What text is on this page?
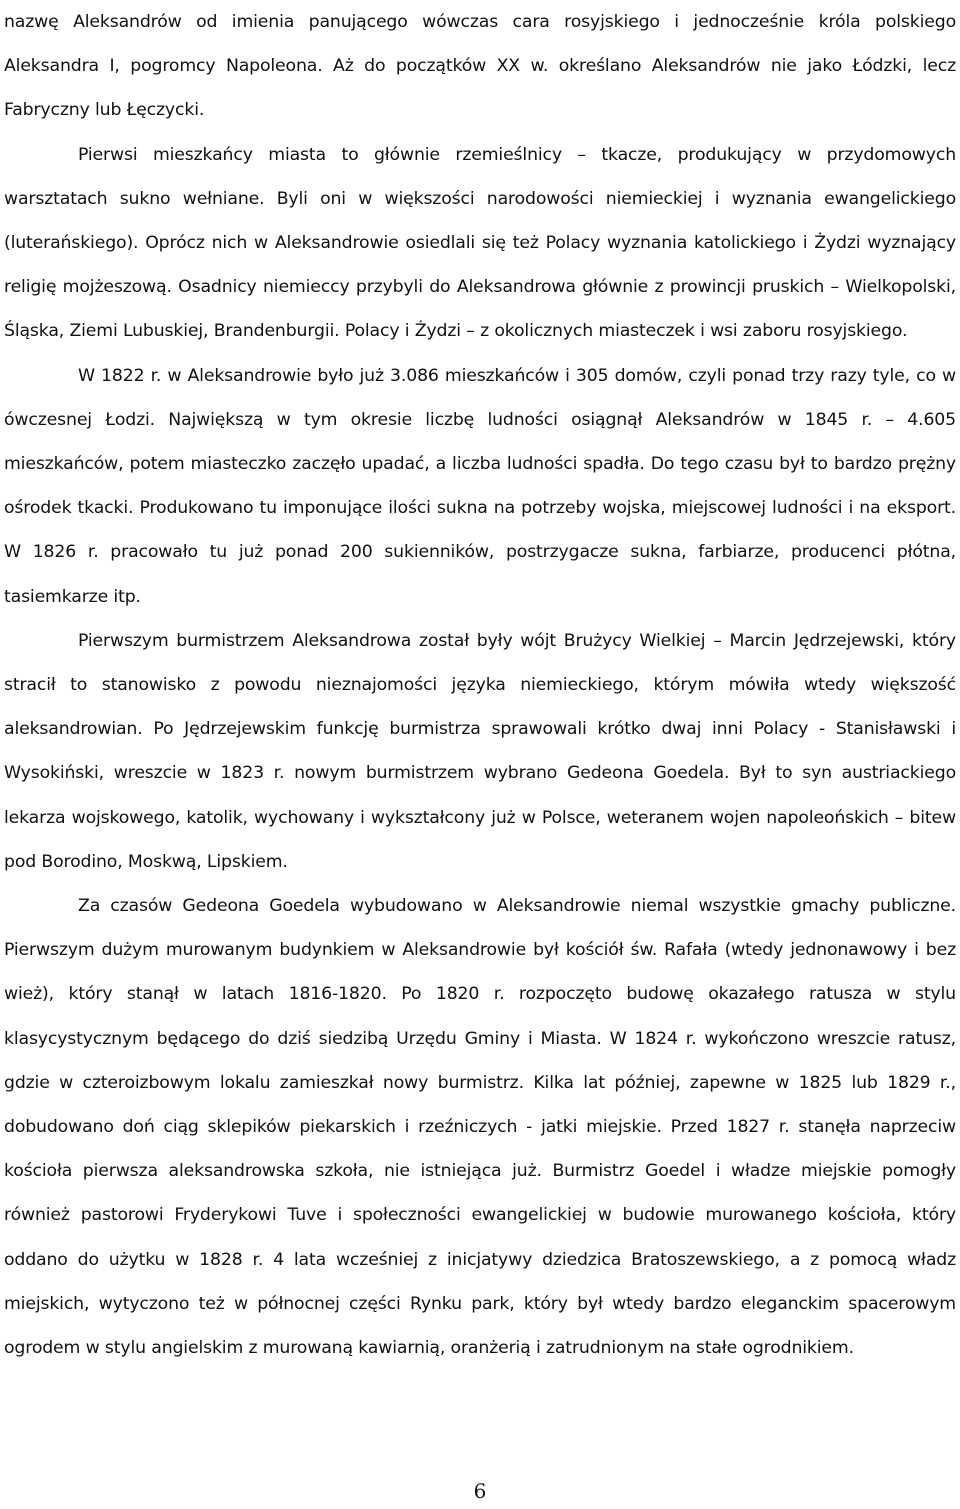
nazwę Aleksandrów od imienia panującego wówczas cara rosyjskiego i jednocześnie króla polskiego Aleksandra I, pogromcy Napoleona. Aż do początków XX w. określano Aleksandrów nie jako Łódzki, lecz Fabryczny lub Łęczycki.

Pierwsi mieszkańcy miasta to głównie rzemieślnicy – tkacze, produkujący w przydomowych warsztatach sukno wełniane. Byli oni w większości narodowości niemieckiej i wyznania ewangelickiego (luterańskiego). Oprócz nich w Aleksandrowie osiedlali się też Polacy wyznania katolickiego i Żydzi wyznający religię mojżeszową. Osadnicy niemieccy przybyli do Aleksandrowa głównie z prowincji pruskich – Wielkopolski, Śląska, Ziemi Lubuskiej, Brandenburgii. Polacy i Żydzi – z okolicznych miasteczek i wsi zaboru rosyjskiego.

W 1822 r. w Aleksandrowie było już 3.086 mieszkańców i 305 domów, czyli ponad trzy razy tyle, co w ówczesnej Łodzi. Największą w tym okresie liczbę ludności osiągnął Aleksandrów w 1845 r. – 4.605 mieszkańców, potem miasteczko zaczęło upadać, a liczba ludności spadła. Do tego czasu był to bardzo prężny ośrodek tkacki. Produkowano tu imponujące ilości sukna na potrzeby wojska, miejscowej ludności i na eksport. W 1826 r. pracowało tu już ponad 200 sukienników, postrzygacze sukna, farbiarze, producenci płótna, tasiemkarze itp.

Pierwszym burmistrzem Aleksandrowa został były wójt Brużycy Wielkiej – Marcin Jędrzejewski, który stracił to stanowisko z powodu nieznajomości języka niemieckiego, którym mówiła wtedy większość aleksandrowian. Po Jędrzejewskim funkcję burmistrza sprawowali krótko dwaj inni Polacy - Stanisławski i Wysokiński, wreszcie w 1823 r. nowym burmistrzem wybrano Gedeona Goedela. Był to syn austriackiego lekarza wojskowego, katolik, wychowany i wykształcony już w Polsce, weteranem wojen napoleońskich – bitew pod Borodino, Moskwą, Lipskiem.

Za czasów Gedeona Goedela wybudowano w Aleksandrowie niemal wszystkie gmachy publiczne. Pierwszym dużym murowanym budynkiem w Aleksandrowie był kościół św. Rafała (wtedy jednonawowy i bez wież), który stanął w latach 1816-1820. Po 1820 r. rozpoczęto budowę okazałego ratusza w stylu klasycystycznym będącego do dziś siedzibą Urzędu Gminy i Miasta. W 1824 r. wykończono wreszcie ratusz, gdzie w czteroizbowym lokalu zamieszkał nowy burmistrz. Kilka lat później, zapewne w 1825 lub 1829 r., dobudowano doń ciąg sklepików piekarskich i rzeźniczych - jatki miejskie. Przed 1827 r. stanęła naprzeciw kościoła pierwsza aleksandrowska szkoła, nie istniejąca już. Burmistrz Goedel i władze miejskie pomogły również pastorowi Fryderykowi Tuve i społeczności ewangelickiej w budowie murowanego kościoła, który oddano do użytku w 1828 r. 4 lata wcześniej z inicjatywy dziedzica Bratoszewskiego, a z pomocą władz miejskich, wytyczono też w północnej części Rynku park, który był wtedy bardzo eleganckim spacerowym ogrodem w stylu angielskim z murowaną kawiarnią, oranżerią i zatrudnionym na stałe ogrodnikiem.

6
